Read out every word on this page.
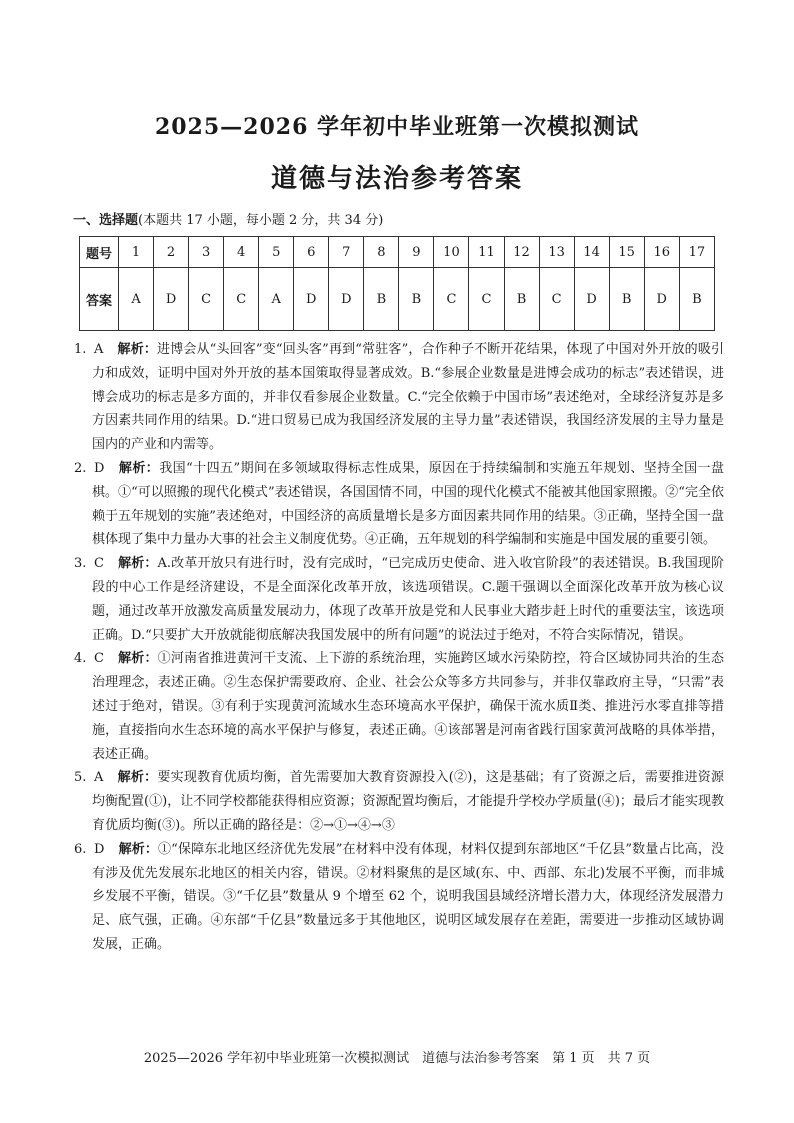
2025—2026 学年初中毕业班第一次模拟测试
道德与法治参考答案
一、选择题(本题共 17 小题，每小题 2 分，共 34 分)
题号	1	2	3	4	5	6	7	8	9	10	11	12	13	14	15	16	17
答案	A	D	C	C	A	D	D	B	B	C	C	B	C	D	B	D	B
1. A 解析：进博会从“头回客”变“回头客”再到“常驻客”，合作种子不断开花结果，体现了中国对外开放的吸引力和成效，证明中国对外开放的基本国策取得显著成效。B.“参展企业数量是进博会成功的标志”表述错误，进博会成功的标志是多方面的，并非仅看参展企业数量。C.“完全依赖于中国市场”表述绝对，全球经济复苏是多方因素共同作用的结果。D.“进口贸易已成为我国经济发展的主导力量”表述错误，我国经济发展的主导力量是国内的产业和内需等。
2. D 解析：我国“十四五”期间在多领域取得标志性成果，原因在于持续编制和实施五年规划、坚持全国一盘棋。①“可以照搬的现代化模式”表述错误，各国国情不同，中国的现代化模式不能被其他国家照搬。②“完全依赖于五年规划的实施”表述绝对，中国经济的高质量增长是多方面因素共同作用的结果。③正确，坚持全国一盘棋体现了集中力量办大事的社会主义制度优势。④正确，五年规划的科学编制和实施是中国发展的重要引领。
3. C 解析：A.改革开放只有进行时，没有完成时，“已完成历史使命、进入收官阶段”的表述错误。B.我国现阶段的中心工作是经济建设，不是全面深化改革开放，该选项错误。C.题干强调以全面深化改革开放为核心议题，通过改革开放激发高质量发展动力，体现了改革开放是党和人民事业大踏步赶上时代的重要法宝，该选项正确。D.“只要扩大开放就能彻底解决我国发展中的所有问题”的说法过于绝对，不符合实际情况，错误。
4. C 解析：①河南省推进黄河干支流、上下游的系统治理，实施跨区域水污染防控，符合区域协同共治的生态治理理念，表述正确。②生态保护需要政府、企业、社会公众等多方共同参与，并非仅靠政府主导，“只需”表述过于绝对，错误。③有利于实现黄河流域水生态环境高水平保护，确保干流水质Ⅱ类、推进污水零直排等措施，直接指向水生态环境的高水平保护与修复，表述正确。④该部署是河南省践行国家黄河战略的具体举措，表述正确。
5. A 解析：要实现教育优质均衡，首先需要加大教育资源投入(②)，这是基础；有了资源之后，需要推进资源均衡配置(①)，让不同学校都能获得相应资源；资源配置均衡后，才能提升学校办学质量(④)；最后才能实现教育优质均衡(③)。所以正确的路径是：②→①→④→③
6. D 解析：①“保障东北地区经济优先发展”在材料中没有体现，材料仅提到东部地区“千亿县”数量占比高，没有涉及优先发展东北地区的相关内容，错误。②材料聚焦的是区域(东、中、西部、东北)发展不平衡，而非城乡发展不平衡，错误。③“千亿县”数量从 9 个增至 62 个，说明我国县域经济增长潜力大，体现经济发展潜力足、底气强，正确。④东部“千亿县”数量远多于其他地区，说明区域发展存在差距，需要进一步推动区域协调发展，正确。
2025—2026 学年初中毕业班第一次模拟测试　道德与法治参考答案　第 1 页　共 7 页
